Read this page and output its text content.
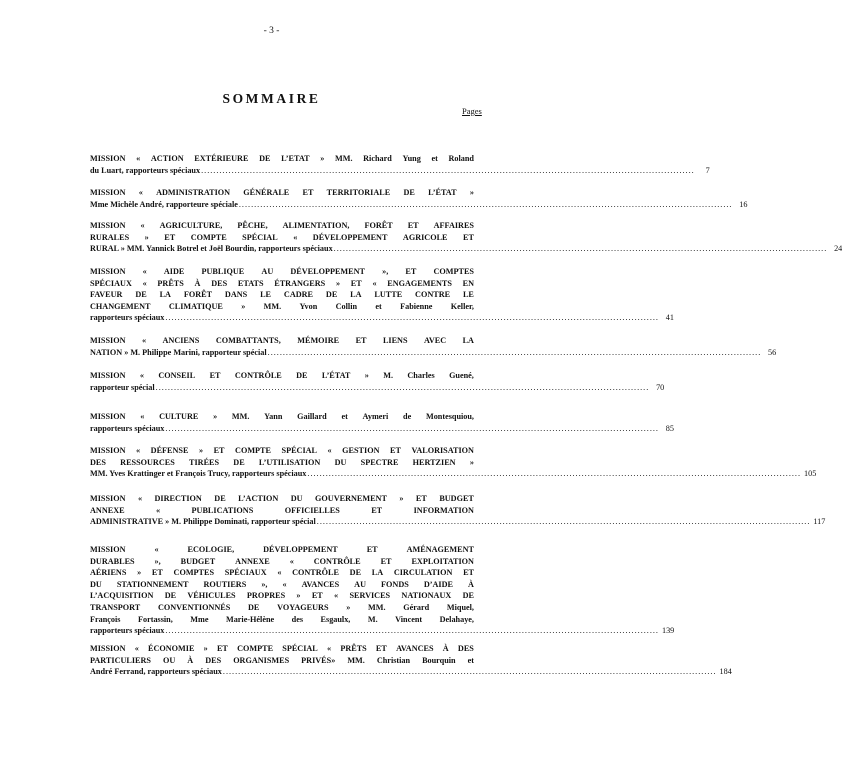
- 3 -
SOMMAIRE
Pages
MISSION « ACTION EXTÉRIEURE DE L’ETAT » MM. Richard Yung et Roland
du Luart, rapporteurs spéciaux ..................................................................................................................................................................	7
MISSION « ADMINISTRATION GÉNÉRALE ET TERRITORIALE DE L’ÉTAT »
Mme Michèle André, rapporteure spéciale .................................................................................................................................................................. 16
MISSION « AGRICULTURE, PÊCHE, ALIMENTATION, FORÊT ET AFFAIRES
RURALES » ET COMPTE SPÉCIAL « DÉVELOPPEMENT AGRICOLE ET
RURAL » MM. Yannick Botrel et Joël Bourdin, rapporteurs spéciaux .................................................................................................................................................................. 24
MISSION « AIDE PUBLIQUE AU DÉVELOPPEMENT », ET COMPTES
SPÉCIAUX « PRÊTS À DES ETATS ÉTRANGERS » ET « ENGAGEMENTS EN
FAVEUR DE LA FORÊT DANS LE CADRE DE LA LUTTE CONTRE LE
CHANGEMENT CLIMATIQUE » MM. Yvon Collin et Fabienne Keller,
rapporteurs spéciaux .................................................................................................................................................................. 41
MISSION « ANCIENS COMBATTANTS, MÉMOIRE ET LIENS AVEC LA
NATION » M. Philippe Marini, rapporteur spécial .................................................................................................................................................................. 56
MISSION « CONSEIL ET CONTRÔLE DE L’ÉTAT » M. Charles Guené,
rapporteur spécial .................................................................................................................................................................. 70
MISSION « CULTURE » MM. Yann Gaillard et Aymeri de Montesquiou,
rapporteurs spéciaux .................................................................................................................................................................. 85
MISSION « DÉFENSE » ET COMPTE SPÉCIAL « GESTION ET VALORISATION
DES RESSOURCES TIRÉES DE L’UTILISATION DU SPECTRE HERTZIEN »
MM. Yves Krattinger et François Trucy, rapporteurs spéciaux .................................................................................................................................................................. 105
MISSION « DIRECTION DE L’ACTION DU GOUVERNEMENT » ET BUDGET
ANNEXE	«	PUBLICATIONS	OFFICIELLES	ET	INFORMATION
ADMINISTRATIVE » M. Philippe Dominati, rapporteur spécial .................................................................................................................................................................. 117
MISSION	«	ECOLOGIE,	DÉVELOPPEMENT	ET	AMÉNAGEMENT
DURABLES », BUDGET ANNEXE « CONTRÔLE ET EXPLOITATION
AÉRIENS » ET COMPTES SPÉCIAUX « CONTRÔLE DE LA CIRCULATION ET
DU STATIONNEMENT ROUTIERS », « AVANCES AU FONDS D’AIDE À
L’ACQUISITION DE VÉHICULES PROPRES » ET « SERVICES NATIONAUX DE
TRANSPORT CONVENTIONNÉS DE VOYAGEURS » MM. Gérard Miquel,
François Fortassin, Mme Marie-Hélène des Esgaulx, M. Vincent Delahaye,
rapporteurs spéciaux .................................................................................................................................................................. 139
MISSION « ÉCONOMIE » ET COMPTE SPÉCIAL « PRÊTS ET AVANCES À DES
PARTICULIERS OU À DES ORGANISMES PRIVÉS» MM. Christian Bourquin et
André Ferrand, rapporteurs spéciaux .................................................................................................................................................................. 184
